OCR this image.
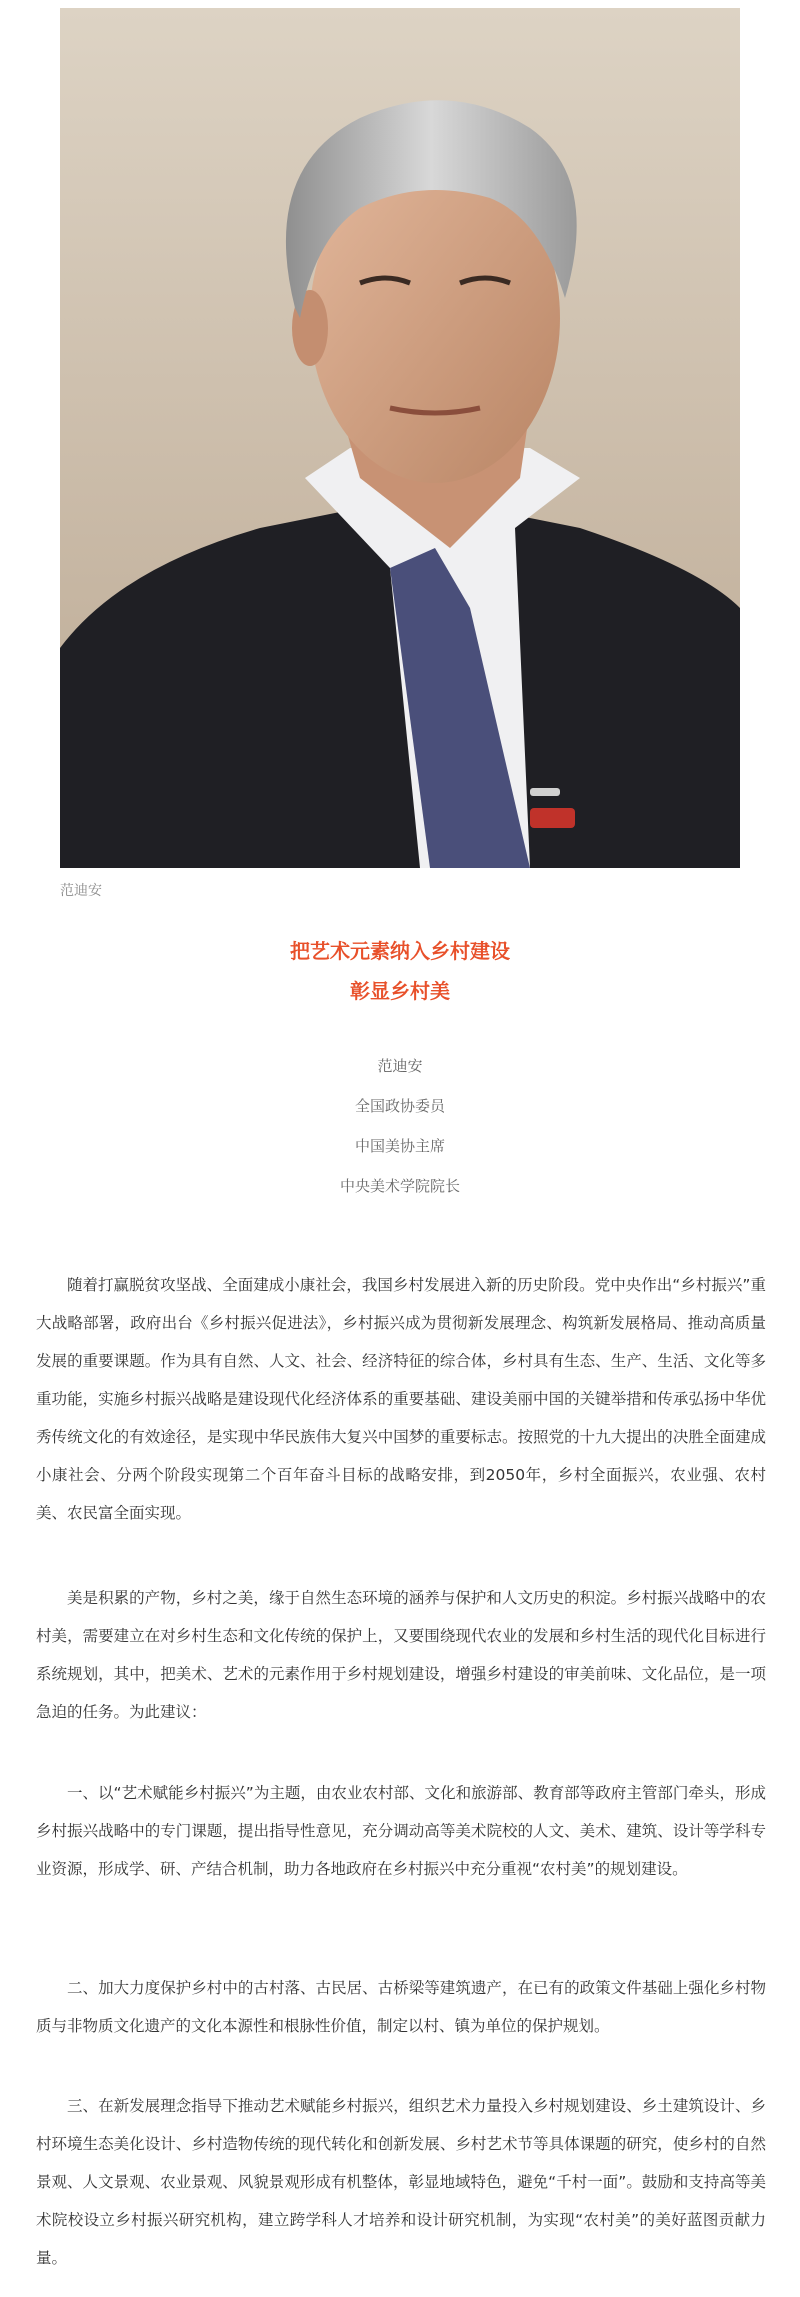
范迪安
把艺术元素纳入乡村建设
彰显乡村美
范迪安
全国政协委员
中国美协主席
中央美术学院院长

随着打赢脱贫攻坚战、全面建成小康社会，我国乡村发展进入新的历史阶段。党中央作出“乡村振兴”重大战略部署，政府出台《乡村振兴促进法》，乡村振兴成为贯彻新发展理念、构筑新发展格局、推动高质量发展的重要课题。作为具有自然、人文、社会、经济特征的综合体，乡村具有生态、生产、生活、文化等多重功能，实施乡村振兴战略是建设现代化经济体系的重要基础、建设美丽中国的关键举措和传承弘扬中华优秀传统文化的有效途径，是实现中华民族伟大复兴中国梦的重要标志。按照党的十九大提出的决胜全面建成小康社会、分两个阶段实现第二个百年奋斗目标的战略安排，到2050年，乡村全面振兴，农业强、农村美、农民富全面实现。

美是积累的产物，乡村之美，缘于自然生态环境的涵养与保护和人文历史的积淀。乡村振兴战略中的农村美，需要建立在对乡村生态和文化传统的保护上，又要围绕现代农业的发展和乡村生活的现代化目标进行系统规划，其中，把美术、艺术的元素作用于乡村规划建设，增强乡村建设的审美前味、文化品位，是一项急迫的任务。为此建议：

一、以“艺术赋能乡村振兴”为主题，由农业农村部、文化和旅游部、教育部等政府主管部门牵头，形成乡村振兴战略中的专门课题，提出指导性意见，充分调动高等美术院校的人文、美术、建筑、设计等学科专业资源，形成学、研、产结合机制，助力各地政府在乡村振兴中充分重视“农村美”的规划建设。

二、加大力度保护乡村中的古村落、古民居、古桥梁等建筑遗产，在已有的政策文件基础上强化乡村物质与非物质文化遗产的文化本源性和根脉性价值，制定以村、镇为单位的保护规划。

三、在新发展理念指导下推动艺术赋能乡村振兴，组织艺术力量投入乡村规划建设、乡土建筑设计、乡村环境生态美化设计、乡村造物传统的现代转化和创新发展、乡村艺术节等具体课题的研究，使乡村的自然景观、人文景观、农业景观、风貌景观形成有机整体，彰显地域特色，避免“千村一面”。鼓励和支持高等美术院校设立乡村振兴研究机构，建立跨学科人才培养和设计研究机制，为实现“农村美”的美好蓝图贡献力量。
